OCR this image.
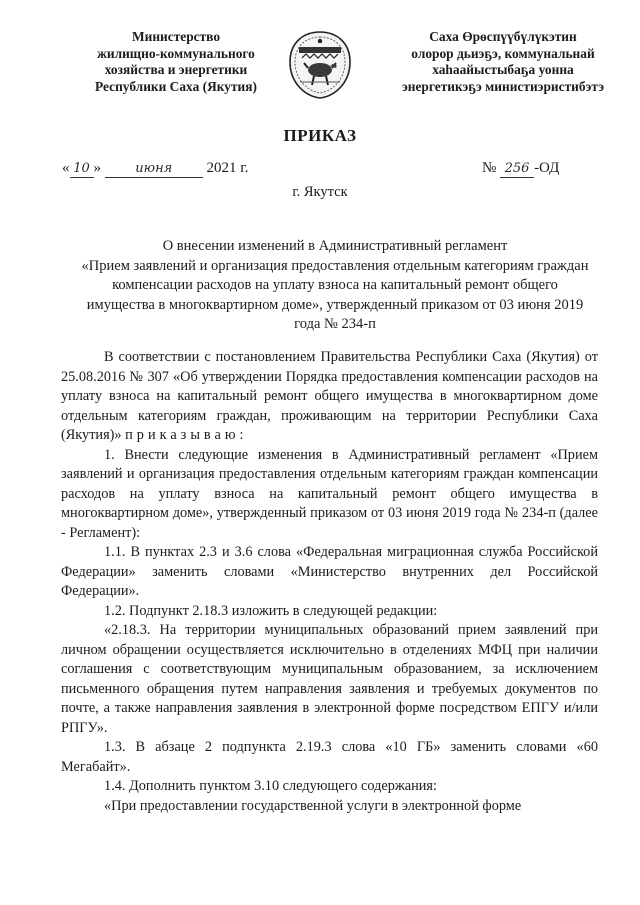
Министерство
жилищно-коммунального
хозяйства и энергетики
Республики Саха (Якутия)
Саха Өрөспүүбүлүкэтин
олорор дьиэҕэ, коммунальнай
хаһаайыстыбаҕа уонна
энергетикэҕэ министиэристибэтэ
ПРИКАЗ
« 10 »	июня 2021 г.	№ 256 -ОД
г. Якутск
О внесении изменений в Административный регламент
«Прием заявлений и организация предоставления отдельным категориям граждан
компенсации расходов на уплату взноса на капитальный ремонт общего
имущества в многоквартирном доме», утвержденный приказом от 03 июня 2019
года № 234-п

В соответствии с постановлением Правительства Республики Саха (Якутия) от 25.08.2016 № 307 «Об утверждении Порядка предоставления компенсации расходов на уплату взноса на капитальный ремонт общего имущества в многоквартирном доме отдельным категориям граждан, проживающим на территории Республики Саха (Якутия)» приказываю:

1. Внести следующие изменения в Административный регламент «Прием заявлений и организация предоставления отдельным категориям граждан компенсации расходов на уплату взноса на капитальный ремонт общего имущества в многоквартирном доме», утвержденный приказом от 03 июня 2019 года № 234-п (далее - Регламент):

1.1. В пунктах 2.3 и 3.6 слова «Федеральная миграционная служба Российской Федерации» заменить словами «Министерство внутренних дел Российской Федерации».

1.2. Подпункт 2.18.3 изложить в следующей редакции:

«2.18.3. На территории муниципальных образований прием заявлений при личном обращении осуществляется исключительно в отделениях МФЦ при наличии соглашения с соответствующим муниципальным образованием, за исключением письменного обращения путем направления заявления и требуемых документов по почте, а также направления заявления в электронной форме посредством ЕПГУ и/или РПГУ».

1.3. В абзаце 2 подпункта 2.19.3 слова «10 ГБ» заменить словами «60 Мегабайт».

1.4. Дополнить пунктом 3.10 следующего содержания:

«При предоставлении государственной услуги в электронной форме
